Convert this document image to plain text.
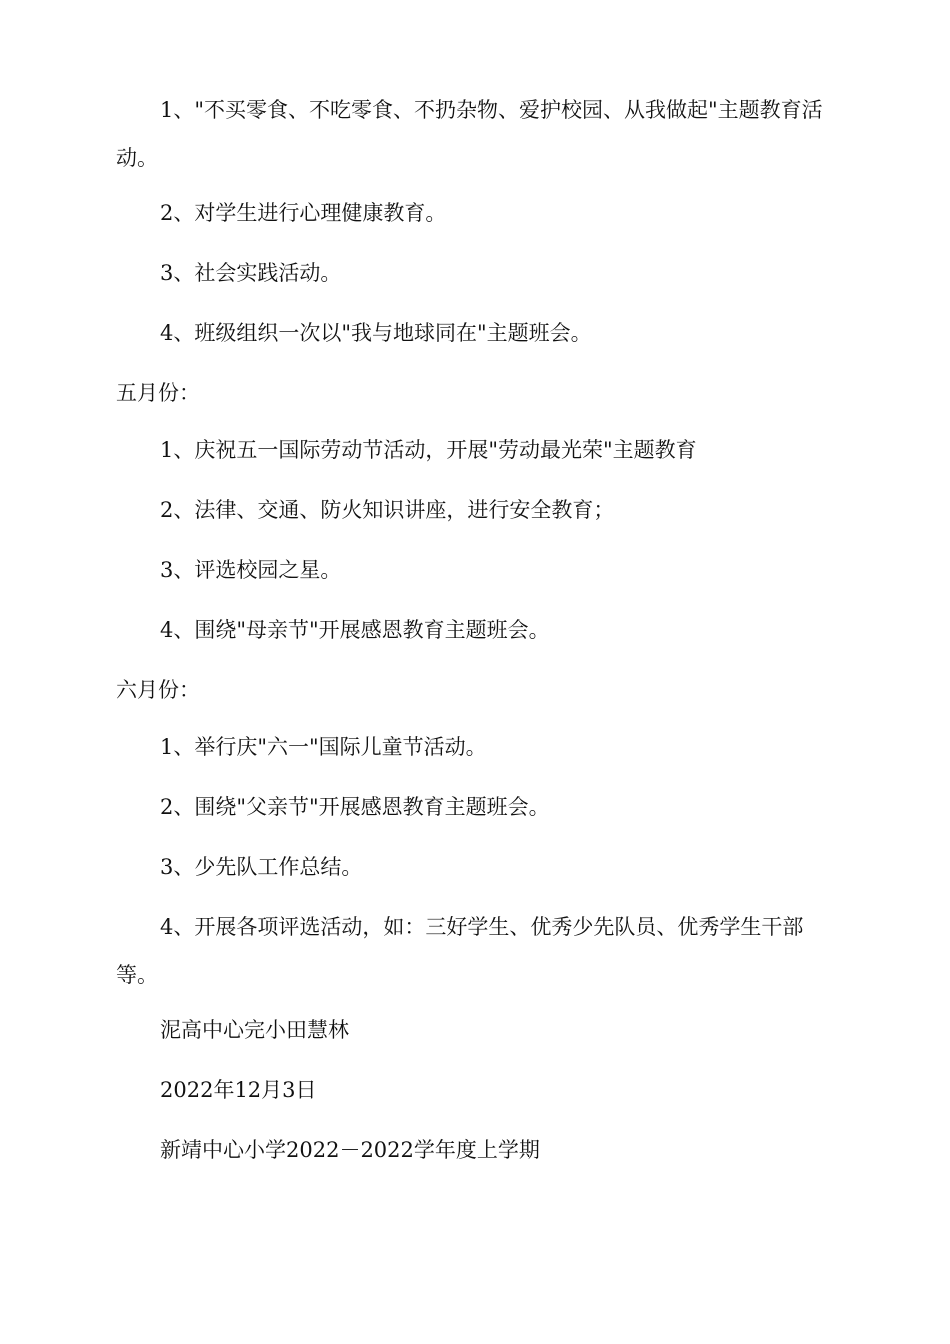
1、"不买零食、不吃零食、不扔杂物、爱护校园、从我做起"主题教育活动。

2、对学生进行心理健康教育。

3、社会实践活动。

4、班级组织一次以"我与地球同在"主题班会。

五月份：

1、庆祝五一国际劳动节活动，开展"劳动最光荣"主题教育

2、法律、交通、防火知识讲座，进行安全教育；

3、评选校园之星。

4、围绕"母亲节"开展感恩教育主题班会。

六月份：

1、举行庆"六一"国际儿童节活动。

2、围绕"父亲节"开展感恩教育主题班会。

3、少先队工作总结。

4、开展各项评选活动，如：三好学生、优秀少先队员、优秀学生干部等。

泥高中心完小田慧林

2022年12月3日

新靖中心小学2022－2022学年度上学期
